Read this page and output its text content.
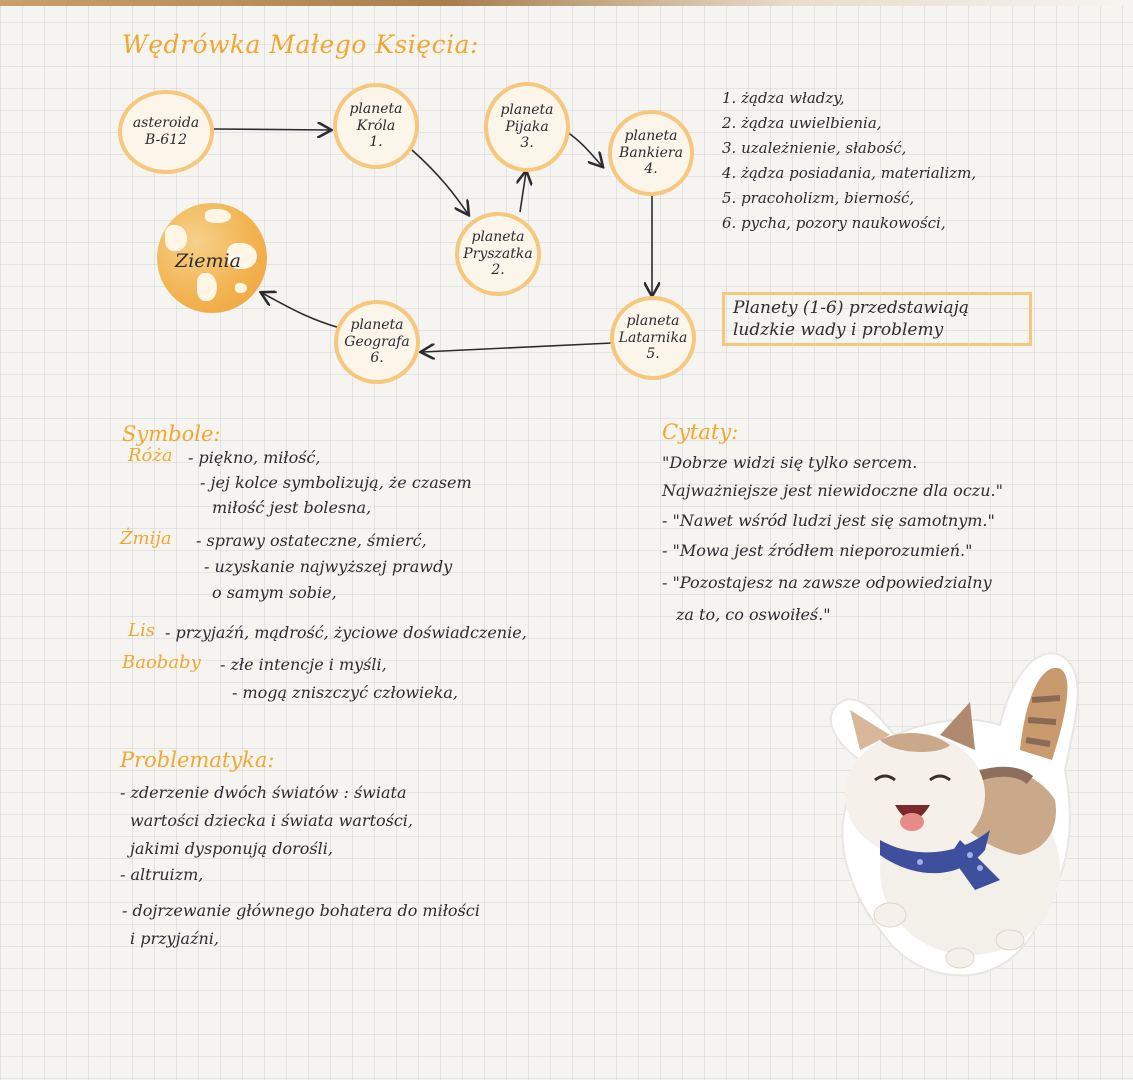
Wędrówka Małego Księcia:
asteroida
B-612
planeta
Króla
1.
planeta
Pijaka
3.	planeta
Bankiera
4.
planeta
Pryszatka
2.
planeta
Latarnika
5.
planeta
Geografa
6.
Ziemia
1. żądza władzy,
2. żądza uwielbienia,
3. uzależnienie, słabość,
4. żądza posiadania, materializm,
5. pracoholizm, bierność,
6. pycha, pozory naukowości,
Planety (1-6) przedstawiają
ludzkie wady i problemy
Symbole:
Róża - piękno, miłość,
- jej kolce symbolizują, że czasem
miłość jest bolesna,
Żmija - sprawy ostateczne, śmierć,
- uzyskanie najwyższej prawdy
o samym sobie,
Lis - przyjaźń, mądrość, życiowe doświadczenie,
Baobaby - złe intencje i myśli,
- mogą zniszczyć człowieka,
Problematyka:
- zderzenie dwóch światów : świata
wartości dziecka i świata wartości,
jakimi dysponują dorośli,
- altruizm,
- dojrzewanie głównego bohatera do miłości
i przyjaźni,
Cytaty:
"Dobrze widzi się tylko sercem.
Najważniejsze jest niewidoczne dla oczu."
- "Nawet wśród ludzi jest się samotnym."
- "Mowa jest źródłem nieporozumień."
- "Pozostajesz na zawsze odpowiedzialny
za to, co oswoiłeś."
